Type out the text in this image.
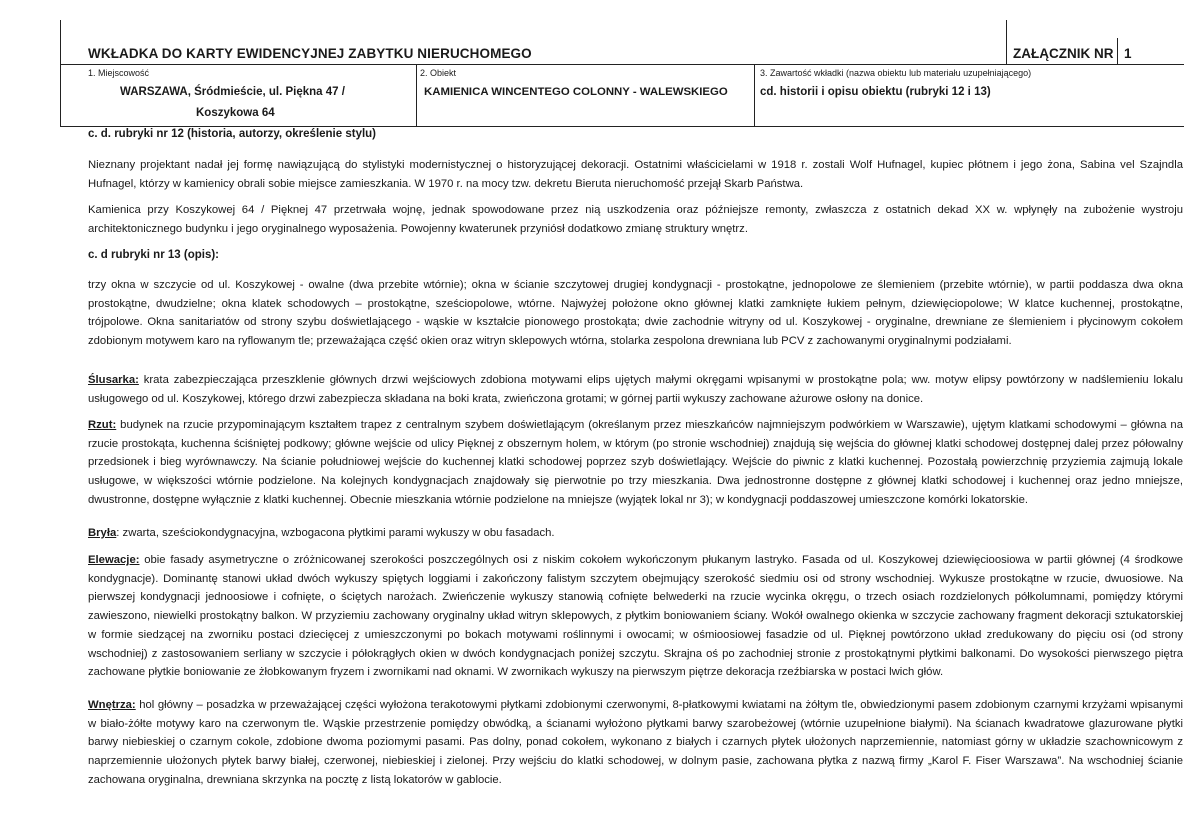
WKŁADKA DO KARTY EWIDENCYJNEJ ZABYTKU NIERUCHOMEGO	ZAŁĄCZNIK NR 1
1. Miejscowość
WARSZAWA, Śródmieście, ul. Piękna 47 /
Koszykowa 64
2. Obiekt
KAMIENICA WINCENTEGO COLONNY - WALEWSKIEGO
3. Zawartość wkładki (nazwa obiektu lub materiału uzupełniającego)
cd. historii i opisu obiektu (rubryki 12 i 13)
c. d. rubryki nr 12 (historia, autorzy, określenie stylu)
Nieznany projektant nadał jej formę nawiązującą do stylistyki modernistycznej o historyzującej dekoracji. Ostatnimi właścicielami w 1918 r. zostali Wolf Hufnagel, kupiec płótnem i jego żona, Sabina vel Szajndla Hufnagel, którzy w kamienicy obrali sobie miejsce zamieszkania. W 1970 r. na mocy tzw. dekretu Bieruta nieruchomość przejął Skarb Państwa.
Kamienica przy Koszykowej 64 / Pięknej 47 przetrwała wojnę, jednak spowodowane przez nią uszkodzenia oraz późniejsze remonty, zwłaszcza z ostatnich dekad XX w. wpłynęły na zubożenie wystroju architektonicznego budynku i jego oryginalnego wyposażenia. Powojenny kwaterunek przyniósł dodatkowo zmianę struktury wnętrz.
c. d rubryki nr 13 (opis):
trzy okna w szczycie od ul. Koszykowej - owalne (dwa przebite wtórnie); okna w ścianie szczytowej drugiej kondygnacji - prostokątne, jednopolowe ze ślemieniem (przebite wtórnie), w partii poddasza dwa okna prostokątne, dwudzielne; okna klatek schodowych – prostokątne, sześciopolowe, wtórne. Najwyżej położone okno głównej klatki zamknięte łukiem pełnym, dziewięciopolowe; W klatce kuchennej, prostokątne, trójpolowe. Okna sanitariatów od strony szybu doświetlającego - wąskie w kształcie pionowego prostokąta; dwie zachodnie witryny od ul. Koszykowej - oryginalne, drewniane ze ślemieniem i płycinowym cokołem zdobionym motywem karo na ryflowanym tle; przeważająca część okien oraz witryn sklepowych wtórna, stolarka zespolona drewniana lub PCV z zachowanymi oryginalnymi podziałami.
Ślusarka: krata zabezpieczająca przeszklenie głównych drzwi wejściowych zdobiona motywami elips ujętych małymi okręgami wpisanymi w prostokątne pola; ww. motyw elipsy powtórzony w nadślemieniu lokalu usługowego od ul. Koszykowej, którego drzwi zabezpiecza składana na boki krata, zwieńczona grotami; w górnej partii wykuszy zachowane ażurowe osłony na donice.
Rzut: budynek na rzucie przypominającym kształtem trapez z centralnym szybem doświetlającym (określanym przez mieszkańców najmniejszym podwórkiem w Warszawie), ujętym klatkami schodowymi – główna na rzucie prostokąta, kuchenna ściśniętej podkowy; główne wejście od ulicy Pięknej z obszernym holem, w którym (po stronie wschodniej) znajdują się wejścia do głównej klatki schodowej dostępnej dalej przez półowalny przedsionek i bieg wyrównawczy. Na ścianie południowej wejście do kuchennej klatki schodowej poprzez szyb doświetlający. Wejście do piwnic z klatki kuchennej. Pozostałą powierzchnię przyziemia zajmują lokale usługowe, w większości wtórnie podzielone. Na kolejnych kondygnacjach znajdowały się pierwotnie po trzy mieszkania. Dwa jednostronne dostępne z głównej klatki schodowej i kuchennej oraz jedno mniejsze, dwustronne, dostępne wyłącznie z klatki kuchennej. Obecnie mieszkania wtórnie podzielone na mniejsze (wyjątek lokal nr 3); w kondygnacji poddaszowej umieszczone komórki lokatorskie.
Bryła: zwarta, sześciokondygnacyjna, wzbogacona płytkimi parami wykuszy w obu fasadach.
Elewacje: obie fasady asymetryczne o zróżnicowanej szerokości poszczególnych osi z niskim cokołem wykończonym płukanym lastryko. Fasada od ul. Koszykowej dziewięcioosiowa w partii głównej (4 środkowe kondygnacje). Dominantę stanowi układ dwóch wykuszy spiętych loggiami i zakończony falistym szczytem obejmujący szerokość siedmiu osi od strony wschodniej. Wykusze prostokątne w rzucie, dwuosiowe. Na pierwszej kondygnacji jednoosiowe i cofnięte, o ściętych narożach. Zwieńczenie wykuszy stanowią cofnięte belwederki na rzucie wycinka okręgu, o trzech osiach rozdzielonych półkolumnami, pomiędzy którymi zawieszono, niewielki prostokątny balkon. W przyziemiu zachowany oryginalny układ witryn sklepowych, z płytkim boniowaniem ściany. Wokół owalnego okienka w szczycie zachowany fragment dekoracji sztukatorskiej w formie siedzącej na zworniku postaci dziecięcej z umieszczonymi po bokach motywami roślinnymi i owocami; w ośmioosiowej fasadzie od ul. Pięknej powtórzono układ zredukowany do pięciu osi (od strony wschodniej) z zastosowaniem serliany w szczycie i półokrągłych okien w dwóch kondygnacjach poniżej szczytu. Skrajna oś po zachodniej stronie z prostokątnymi płytkimi balkonami. Do wysokości pierwszego piętra zachowane płytkie boniowanie ze żłobkowanym fryzem i zwornikami nad oknami. W zwornikach wykuszy na pierwszym piętrze dekoracja rzeźbiarska w postaci lwich głów.
Wnętrza: hol główny – posadzka w przeważającej części wyłożona terakotowymi płytkami zdobionymi czerwonymi, 8-płatkowymi kwiatami na żółtym tle, obwiedzionymi pasem zdobionym czarnymi krzyżami wpisanymi w biało-żółte motywy karo na czerwonym tle. Wąskie przestrzenie pomiędzy obwódką, a ścianami wyłożono płytkami barwy szarobeżowej (wtórnie uzupełnione białymi). Na ścianach kwadratowe glazurowane płytki barwy niebieskiej o czarnym cokole, zdobione dwoma poziomymi pasami. Pas dolny, ponad cokołem, wykonano z białych i czarnych płytek ułożonych naprzemiennie, natomiast górny w układzie szachownicowym z naprzemiennie ułożonych płytek barwy białej, czerwonej, niebieskiej i zielonej. Przy wejściu do klatki schodowej, w dolnym pasie, zachowana płytka z nazwą firmy „Karol F. Fiser Warszawa”. Na wschodniej ścianie zachowana oryginalna, drewniana skrzynka na pocztę z listą lokatorów w gablocie.
